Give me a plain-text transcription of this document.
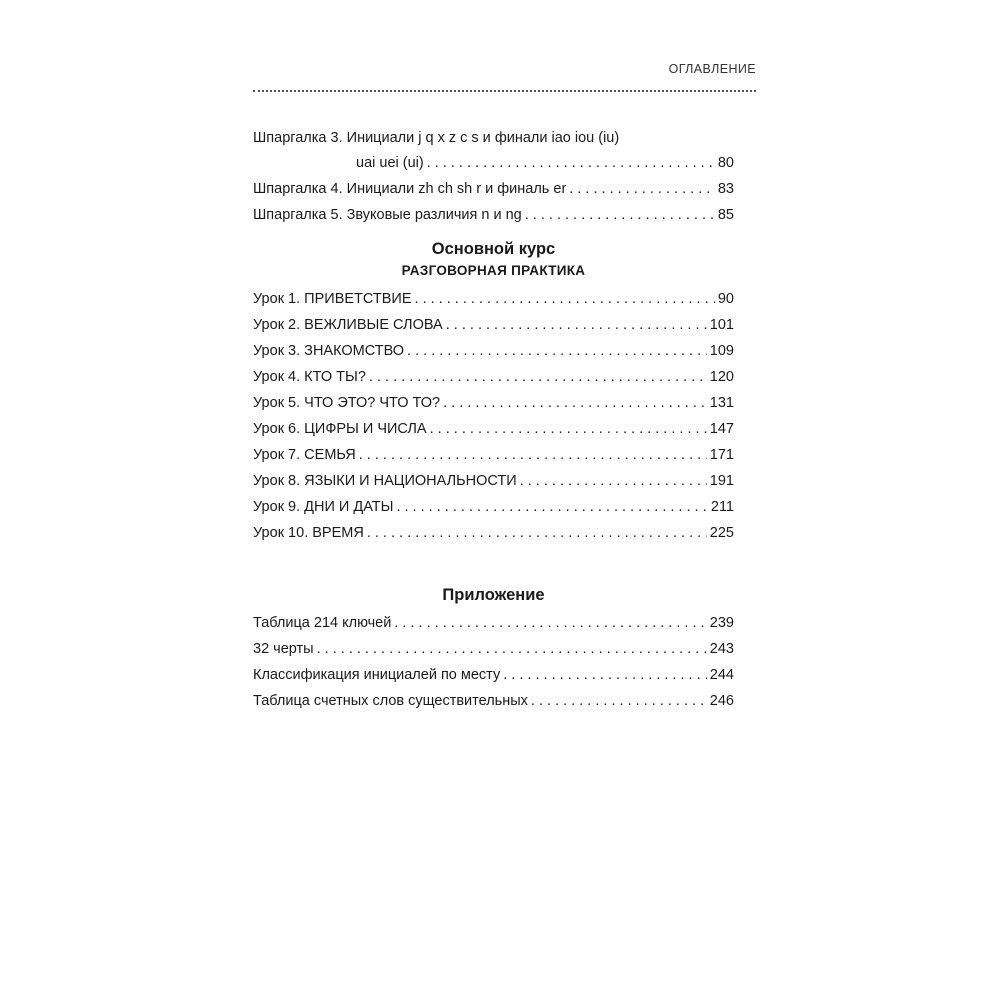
ОГЛАВЛЕНИЕ
Шпаргалка 3. Инициали j q x z c s и финали iao iou (iu)
uai uei (ui) . . .	80
Шпаргалка 4. Инициали zh ch sh r и финаль er . . .	83
Шпаргалка 5. Звуковые различия n и ng . . .	85
Основной курс
РАЗГОВОРНАЯ ПРАКТИКА
Урок 1. ПРИВЕТСТВИЕ . . .	90
Урок 2. ВЕЖЛИВЫЕ СЛОВА . . .	101
Урок 3. ЗНАКОМСТВО . . .	109
Урок 4. КТО ТЫ? . . .	120
Урок 5. ЧТО ЭТО? ЧТО ТО? . . .	131
Урок 6. ЦИФРЫ И ЧИСЛА . . .	147
Урок 7. СЕМЬЯ . . .	171
Урок 8. ЯЗЫКИ И НАЦИОНАЛЬНОСТИ . . .	191
Урок 9. ДНИ И ДАТЫ . . .	211
Урок 10. ВРЕМЯ . . .	225
Приложение
Таблица 214 ключей . . .	239
32 черты . . .	243
Классификация инициалей по месту . . .	244
Таблица счетных слов существительных . . .	246
